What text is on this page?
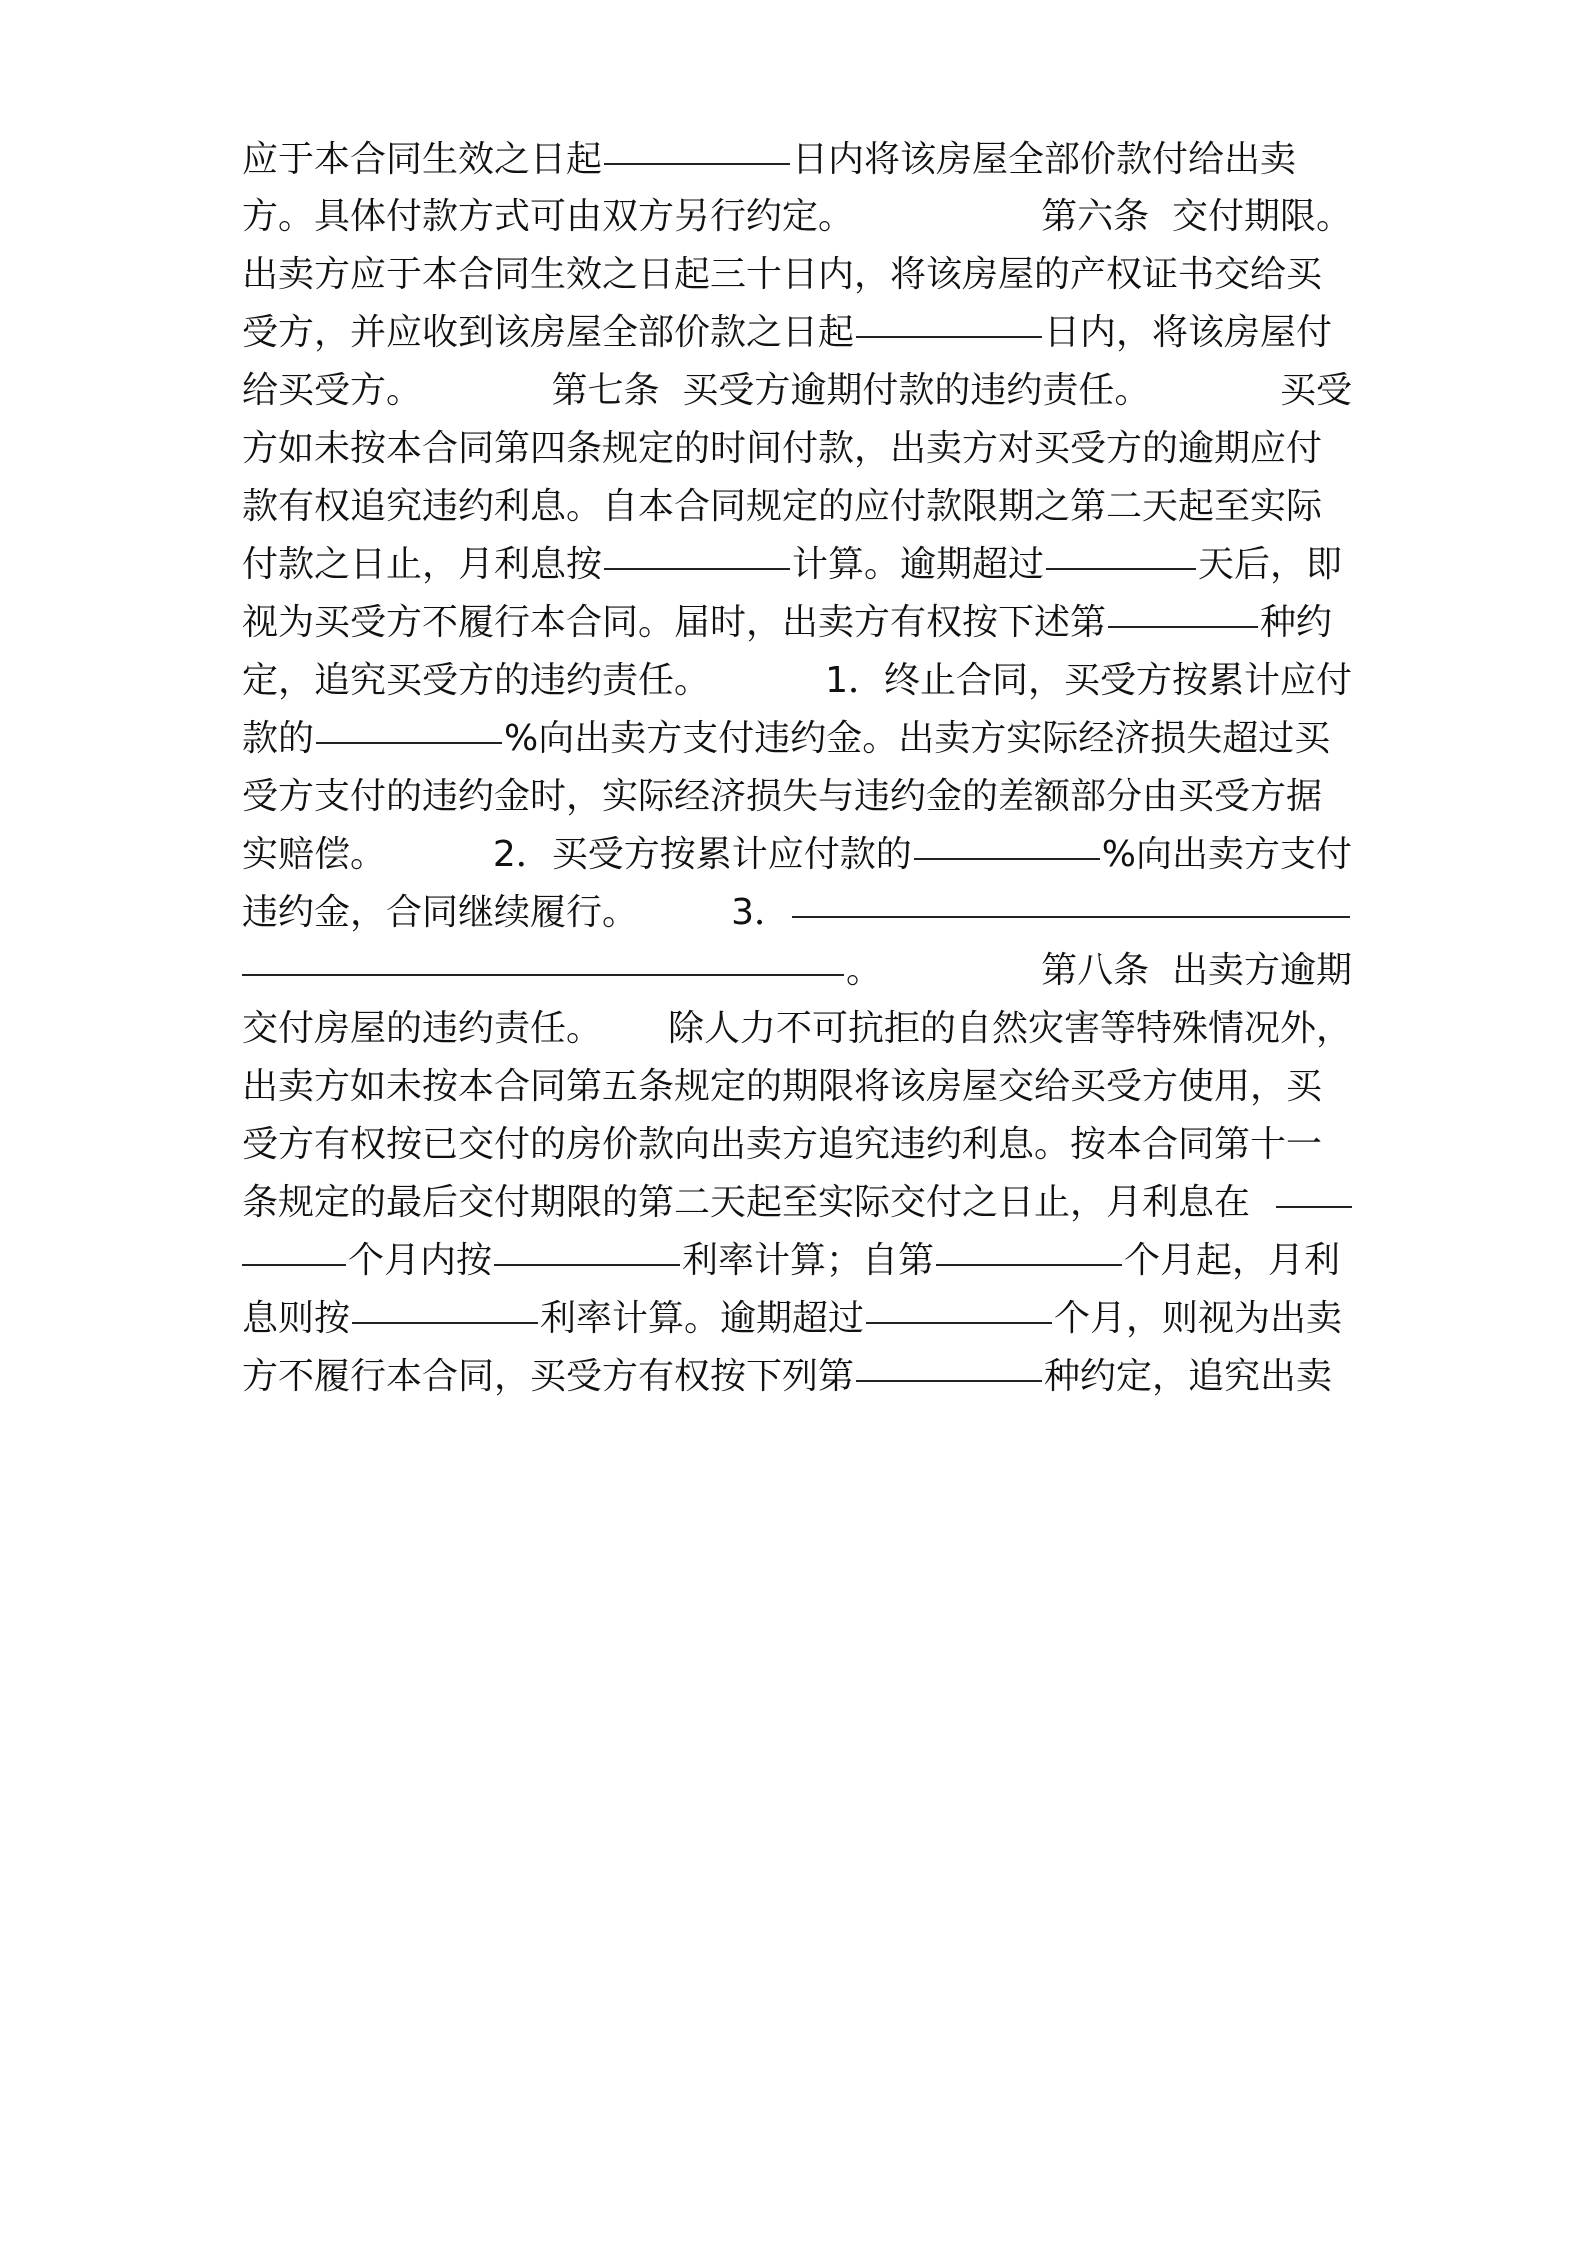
应于本合同生效之日起	日内将该房屋全部价款付给出卖
方。具体付款方式可由双方另行约定。	第六条  交付期限。
出卖方应于本合同生效之日起三十日内，将该房屋的产权证书交给买
受方，并应收到该房屋全部价款之日起	日内，将该房屋付
给买受方。	第七条  买受方逾期付款的违约责任。	买受
方如未按本合同第四条规定的时间付款，出卖方对买受方的逾期应付
款有权追究违约利息。自本合同规定的应付款限期之第二天起至实际
付款之日止，月利息按	计算。逾期超过	天后，即
视为买受方不履行本合同。届时，出卖方有权按下述第	种约
定，追究买受方的违约责任。	1．终止合同，买受方按累计应付
款的	%向出卖方支付违约金。出卖方实际经济损失超过买
受方支付的违约金时，实际经济损失与违约金的差额部分由买受方据
实赔偿。	2．买受方按累计应付款的	%向出卖方支付
违约金，合同继续履行。	3．
。	第八条  出卖方逾期
交付房屋的违约责任。 除人力不可抗拒的自然灾害等特殊情况外，
出卖方如未按本合同第五条规定的期限将该房屋交给买受方使用，买
受方有权按已交付的房价款向出卖方追究违约利息。按本合同第十一
条规定的最后交付期限的第二天起至实际交付之日止，月利息在
个月内按	利率计算；自第	个月起，月利
息则按	利率计算。逾期超过	个月，则视为出卖
方不履行本合同，买受方有权按下列第	种约定，追究出卖
